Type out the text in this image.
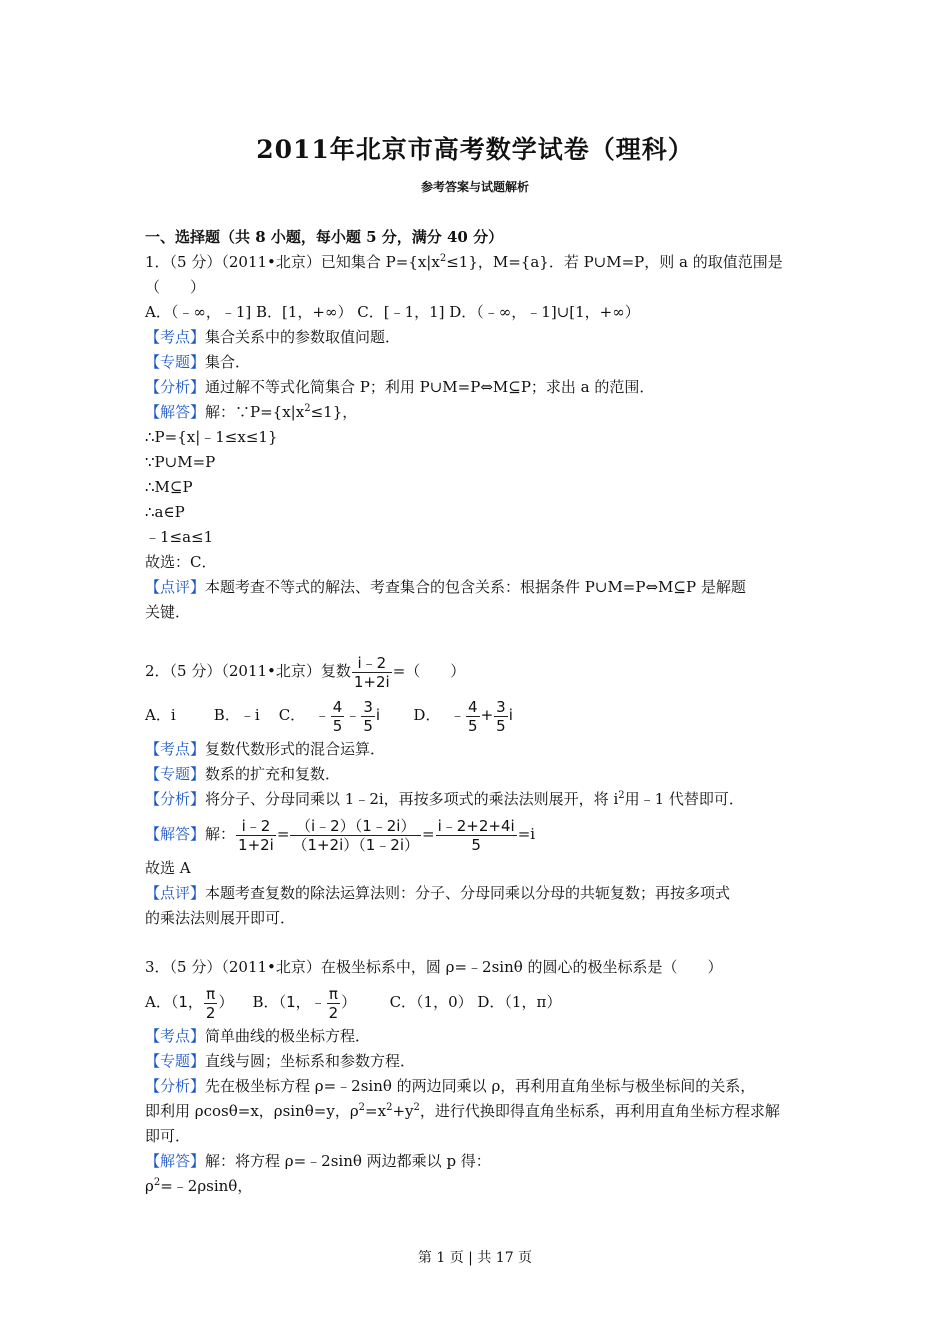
2011年北京市高考数学试卷（理科）
参考答案与试题解析
一、选择题（共 8 小题，每小题 5 分，满分 40 分）
1．（5 分）（2011•北京）已知集合 $P=\{x|x^2\le 1\}$，M={a}．若 P∪M=P，则 a 的取值范围是
（　　）
A．（﹣∞，﹣1] B．[1，+∞） C．[﹣1，1] D．（﹣∞，﹣1]∪[1，+∞）
【考点】集合关系中的参数取值问题．
【专题】集合．
【分析】通过解不等式化简集合 P；利用 P∪M=P⇔M⊆P；求出 a 的范围．
【解答】解：$\because P=\{x|x^2\le 1\}$，
∴P={x|﹣1≤x≤1}
∵P∪M=P
∴M⊆P
∴a∈P
﹣1≤a≤1
故选：C．
【点评】本题考查不等式的解法、考查集合的包含关系：根据条件 P∪M=P⇔M⊆P 是解题
关键．
2．（5 分）（2011•北京）复数 $\frac{i﹣2}{1+2i}$ =（　　）
A．i	B．﹣i C． ﹣ $\frac{4}{5}$ ﹣ $\frac{3}{5}$ i D． ﹣ $\frac{4}{5} + \frac{3}{5}$ i
【考点】复数代数形式的混合运算．
【专题】数系的扩充和复数．
【分析】将分子、分母同乘以 1﹣2i，再按多项式的乘法法则展开，将 $i^2$用﹣1 代替即可．
【解答】解： $\frac{i﹣2}{1+2i} = \frac{(i﹣2)(1﹣2i)}{(1+2i)(1﹣2i)} = \frac{i﹣2+2+4i}{5} =i$
故选 A
【点评】本题考查复数的除法运算法则：分子、分母同乘以分母的共轭复数；再按多项式
的乘法法则展开即可．
3．（5 分）（2011•北京）在极坐标系中，圆 ρ=﹣2sinθ 的圆心的极坐标系是（　　）
A．（1， $\frac{\pi}{2}$ ） B．（1，﹣ $\frac{\pi}{2}$ ） C．（1，0） D．（1，π）
【考点】简单曲线的极坐标方程．
【专题】直线与圆；坐标系和参数方程．
【分析】先在极坐标方程 ρ=﹣2sinθ 的两边同乘以 ρ，再利用直角坐标与极坐标间的关系，
即利用 ρcosθ=x，ρsinθ=y，$\rho^2=x^2+y^2$，进行代换即得直角坐标系，再利用直角坐标方程求解
即可．
【解答】解：将方程 ρ=﹣2sinθ 两边都乘以 p 得：
$\rho^2=﹣2\rho\sin\theta$，
第 1 页 | 共 17 页
